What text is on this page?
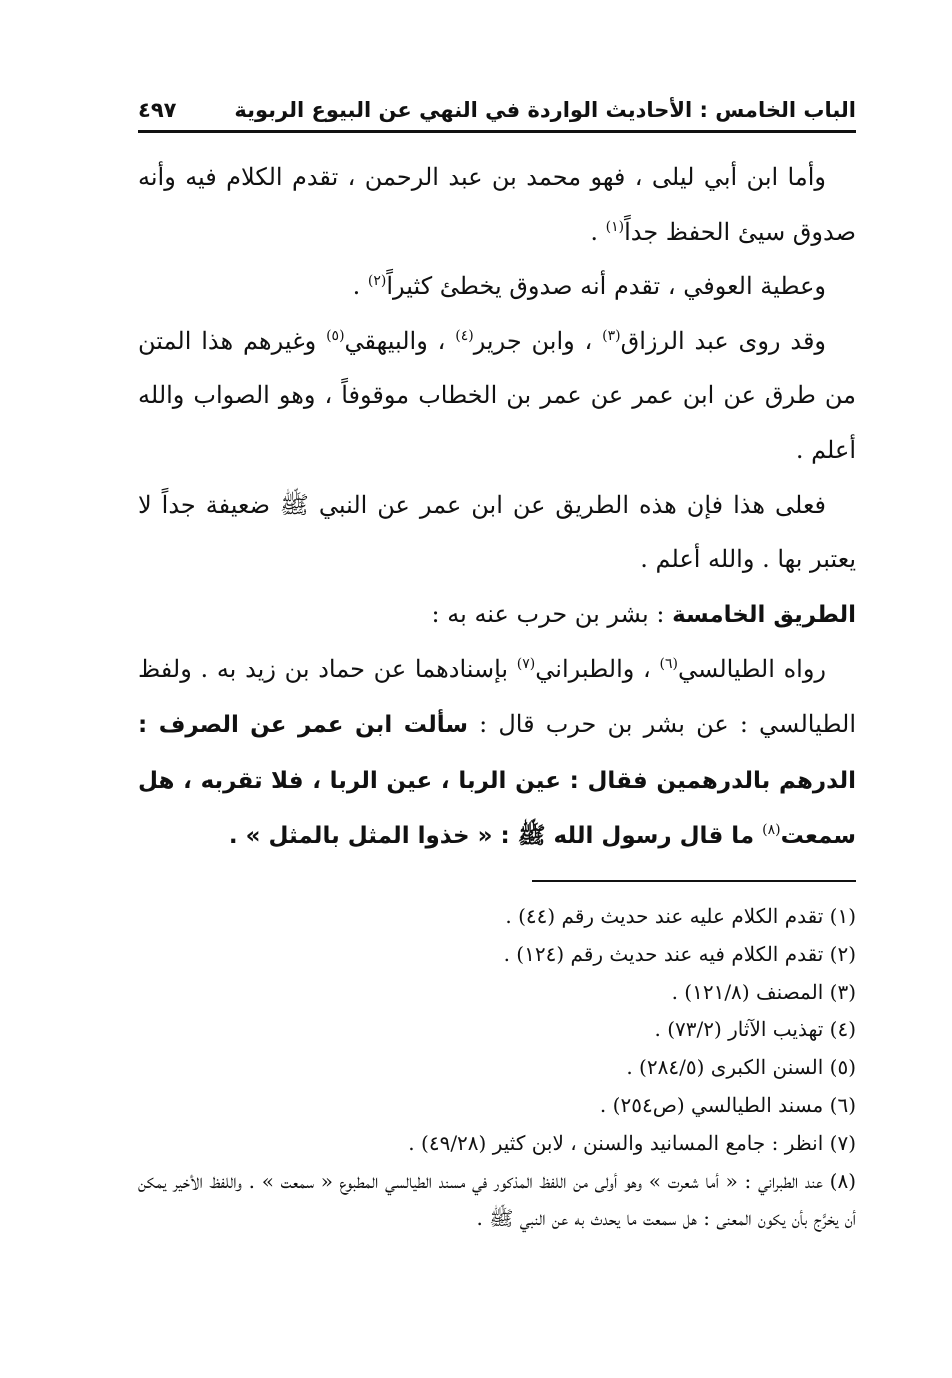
الباب الخامس : الأحاديث الواردة في النهي عن البيوع الربوية
٤٩٧

وأما ابن أبي ليلى ، فهو محمد بن عبد الرحمن ، تقدم الكلام فيه وأنه صدوق سيئ الحفظ جداً$^{(١)}$ .

وعطية العوفي ، تقدم أنه صدوق يخطئ كثيراً$^{(٢)}$ .

وقد روى عبد الرزاق$^{(٣)}$ ، وابن جرير$^{(٤)}$ ، والبيهقي$^{(٥)}$ وغيرهم هذا المتن من طرق عن ابن عمر عن عمر بن الخطاب موقوفاً ، وهو الصواب والله أعلم .

فعلى هذا فإن هذه الطريق عن ابن عمر عن النبي ﷺ ضعيفة جداً لا يعتبر بها . والله أعلم .

الطريق الخامسة : بشر بن حرب عنه به :

رواه الطيالسي$^{(٦)}$ ، والطبراني$^{(٧)}$ بإسنادهما عن حماد بن زيد به . ولفظ الطيالسي : عن بشر بن حرب قال : سألت ابن عمر عن الصرف : الدرهم بالدرهمين فقال : عين الربا ، عين الربا ، فلا تقربه ، هل سمعت$^{(٨)}$ ما قال رسول الله ﷺ : « خذوا المثل بالمثل » .

(١) تقدم الكلام عليه عند حديث رقم (٤٤) .

(٢) تقدم الكلام فيه عند حديث رقم (١٢٤) .

(٣) المصنف (١٢١/٨) .

(٤) تهذيب الآثار (٧٣/٢) .

(٥) السنن الكبرى (٢٨٤/٥) .

(٦) مسند الطيالسي (ص٢٥٤) .

(٧) انظر : جامع المسانيد والسنن ، لابن كثير (٤٩/٢٨) .

(٨) عند الطبراني : « أما شعرت » وهو أولى من اللفظ المذكور في مسند الطيالسي المطبوع « سمعت » . واللفظ الأخير يمكن أن يخرَّج بأن يكون المعنى : هل سمعت ما يحدث به عن النبي ﷺ .
